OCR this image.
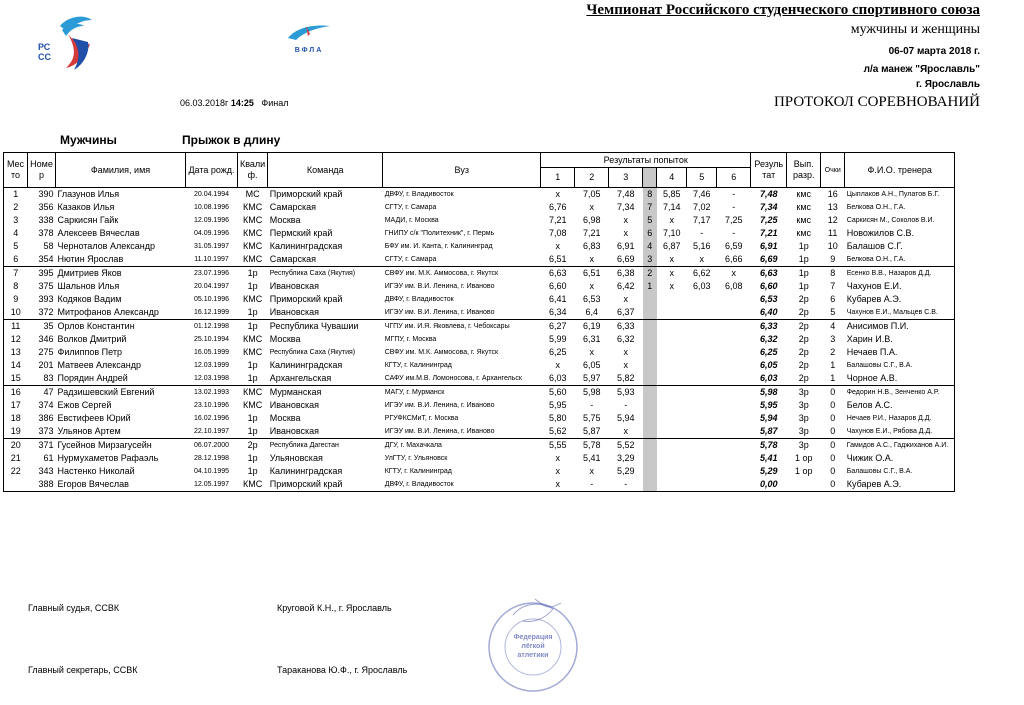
РССС
ВФЛА
Чемпионат Российского студенческого спортивного союза
мужчины и женщины
06-07 марта 2018 г.
л/а манеж "Ярославль"
г. Ярославль
ПРОТОКОЛ СОРЕВНОВАНИЙ
06.03.2018г 14:25 Финал
Мужчины	Прыжок в длину
Мес то	Номе р	Фамилия, имя	Дата рожд.	Квали ф.	Команда	Вуз	Результаты попыток							Резуль тат	Вып. разр.	Очки	Ф.И.О. тренера
							1	2	3		4	5	6				
1	390	Глазунов Илья	20.04.1994	МС	Приморский край	ДВФУ, г. Владивосток	x	7,05	7,48	8	5,85	7,46	-	7,48	кмс	16	Цыплаков А.Н., Пулатов Б.Г.
2	356	Казаков Илья	10.08.1996	КМС	Самарская	СГТУ, г. Самара	6,76	x	7,34	7	7,14	7,02	-	7,34	кмс	13	Белкова О.Н., Г.А.
3	338	Саркисян Гайк	12.09.1996	КМС	Москва	МАДИ, г. Москва	7,21	6,98	x	5	x	7,17	7,25	7,25	кмс	12	Саркисян М., Соколов В.И.
4	378	Алексеев Вячеслав	04.09.1996	КМС	Пермский край	ГНИПУ с/к "Политехник", г. Пермь	7,08	7,21	x	6	7,10	-	-	7,21	кмс	11	Новожилов С.В.
5	58	Черноталов Александр	31.05.1997	КМС	Калининградская	БФУ им. И. Канта, г. Калининград	x	6,83	6,91	4	6,87	5,16	6,59	6,91	1р	10	Балашов С.Г.
6	354	Нютин Ярослав	11.10.1997	КМС	Самарская	СГТУ, г. Самара	6,51	x	6,69	3	x	x	6,66	6,69	1р	9	Белкова О.Н., Г.А.
7	395	Дмитриев Яков	23.07.1996	1р	Республика Саха (Якутия)	СВФУ им. М.К. Аммосова, г. Якутск	6,63	6,51	6,38	2	x	6,62	x	6,63	1р	8	Есенко В.В., Назаров Д.Д.
8	375	Шальнов Илья	20.04.1997	1р	Ивановская	ИГЭУ им. В.И. Ленина, г. Иваново	6,60	x	6,42	1	x	6,03	6,08	6,60	1р	7	Чахунов Е.И.
9	393	Кодяков Вадим	05.10.1996	КМС	Приморский край	ДВФУ, г. Владивосток	6,41	6,53	x					6,53	2р	6	Кубарев А.Э.
10	372	Митрофанов Александр	16.12.1999	1р	Ивановская	ИГЭУ им. В.И. Ленина, г. Иваново	6,34	6,4	6,37					6,40	2р	5	Чахунов Е.И., Мальцев С.В.
11	35	Орлов Константин	01.12.1998	1р	Республика Чувашии	ЧГПУ им. И.Я. Яковлева, г. Чебоксары	6,27	6,19	6,33					6,33	2р	4	Анисимов П.И.
12	346	Волков Дмитрий	25.10.1994	КМС	Москва	МГПУ, г. Москва	5,99	6,31	6,32					6,32	2р	3	Харин И.В.
13	275	Филиппов Петр	16.05.1999	КМС	Республика Саха (Якутия)	СВФУ им. М.К. Аммосова, г. Якутск	6,25	x	x					6,25	2р	2	Нечаев П.А.
14	201	Матвеев Александр	12.03.1999	1р	Калининградская	КГТУ, г. Калининград	x	6,05	x					6,05	2р	1	Балашовы С.Г., В.А.
15	83	Порядин Андрей	12.03.1998	1р	Архангельская	САФУ им.М.В. Ломоносова, г. Архангельск	6,03	5,97	5,82					6,03	2р	1	Чорное А.В.
16	47	Радзишевский Евгений	13.02.1993	КМС	Мурманская	МАГУ, г. Мурманск	5,60	5,98	5,93					5,98	3р	0	Федорин Н.В., Зенченко А.Р.
17	374	Ежов Сергей	23.10.1996	КМС	Ивановская	ИГЭУ им. В.И. Ленина, г. Иваново	5,95	-	-					5,95	3р	0	Белов А.С.
18	386	Евстифеев Юрий	16.02.1996	1р	Москва	РГУФКСМиТ, г. Москва	5,80	5,75	5,94					5,94	3р	0	Нечаев Р.И., Назаров Д.Д.
19	373	Ульянов Артем	22.10.1997	1р	Ивановская	ИГЭУ им. В.И. Ленина, г. Иваново	5,62	5,87	x					5,87	3р	0	Чахунов Е.И., Рябова Д.Д.
20	371	Гусейнов Мирзагусейн	06.07.2000	2р	Республика Дагестан	ДГУ, г. Махачкала	5,55	5,78	5,52					5,78	3р	0	Гамидов А.С., Гаджиханов А.И.
21	61	Нурмухаметов Рафаэль	28.12.1998	1р	Ульяновская	УлГТУ, г. Ульяновск	x	5,41	3,29					5,41	1 ор	0	Чижик О.А.
22	343	Настенко Николай	04.10.1995	1р	Калининградская	КГТУ, г. Калининград	x	x	5,29					5,29	1 ор	0	Балашовы С.Г., В.А.
	388	Егоров Вячеслав	12.05.1997	КМС	Приморский край	ДВФУ, г. Владивосток	x	-	-					0,00		0	Кубарев А.Э.
Главный судья, ССВК	Круговой К.Н., г. Ярославль
Главный секретарь, ССВК	Тараканова Ю.Ф., г. Ярославль
Федерация лёгкой атлетики
